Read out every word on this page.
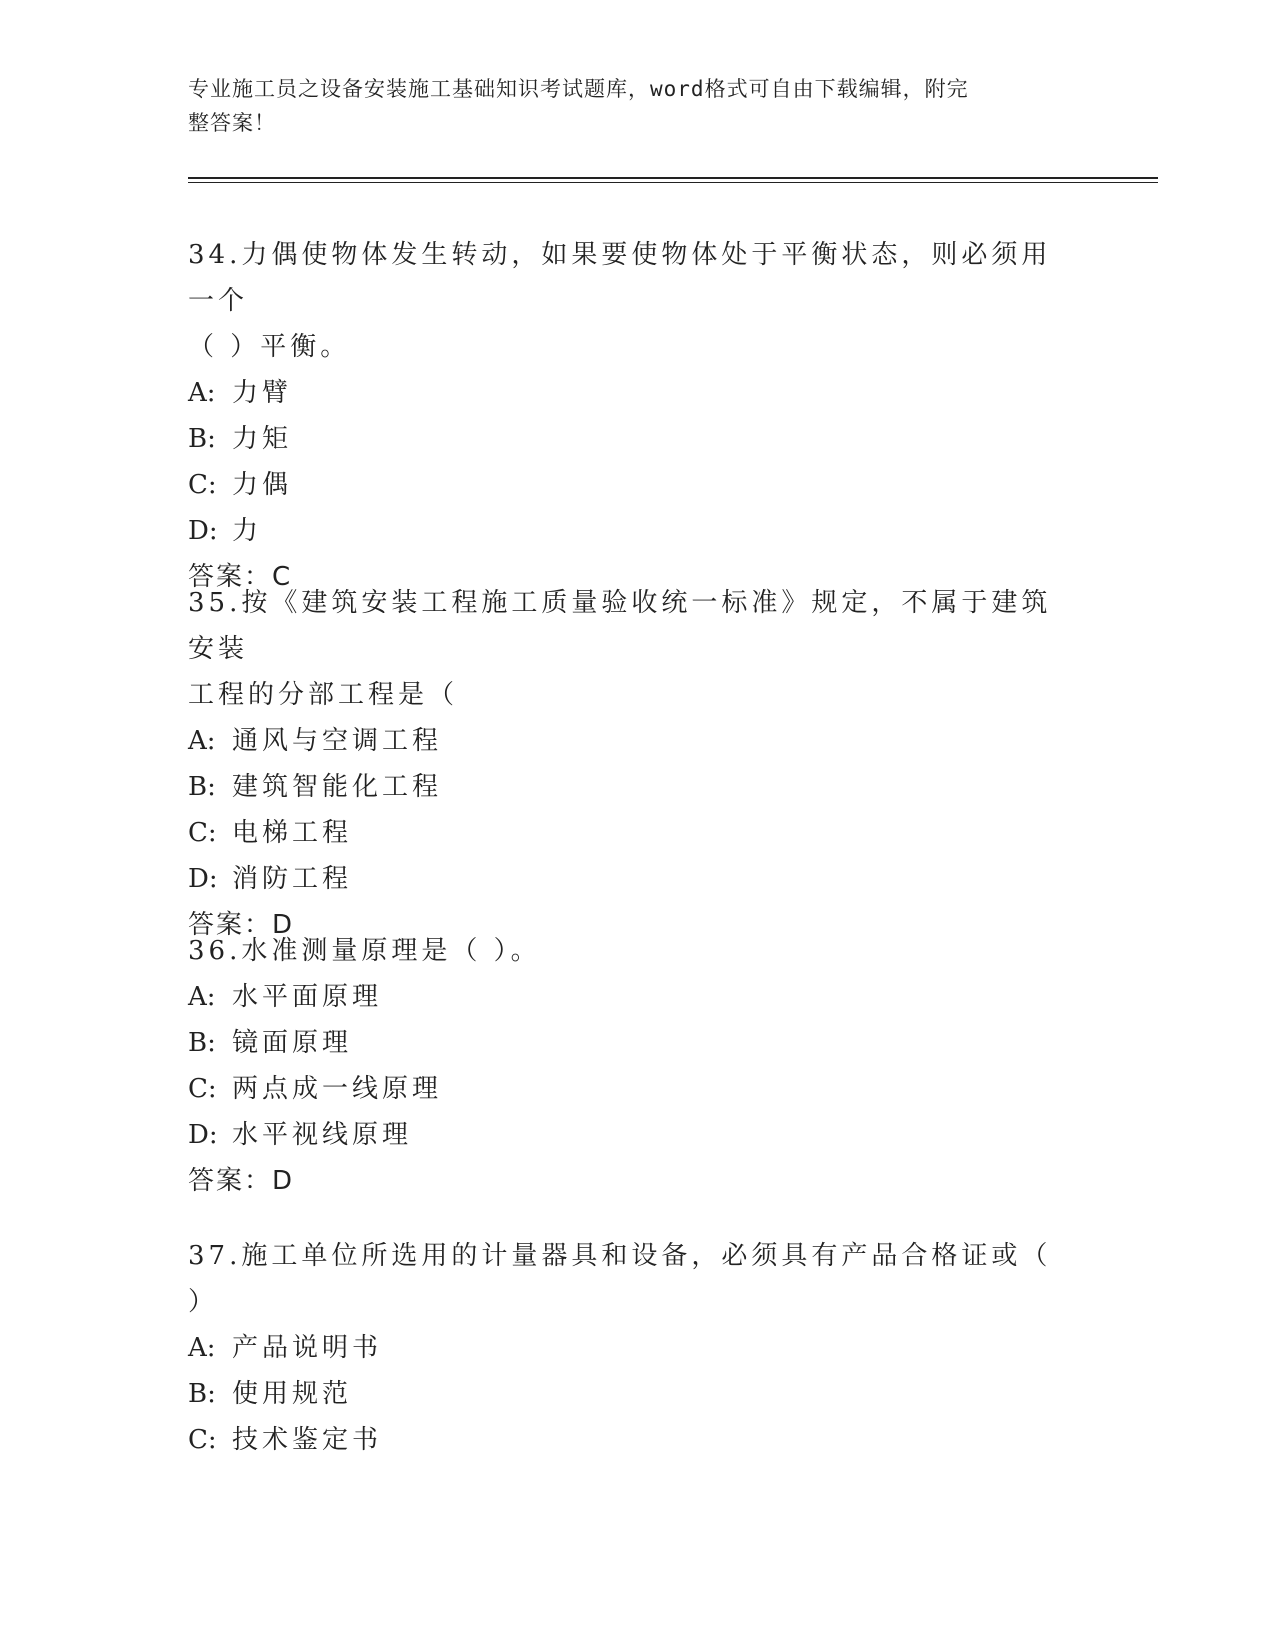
专业施工员之设备安装施工基础知识考试题库，word格式可自由下载编辑，附完
整答案！

34.力偶使物体发生转动，如果要使物体处于平衡状态，则必须用一个

（ ）平衡。

A: 力臂

B: 力矩

C: 力偶

D: 力

答案：C

35.按《建筑安装工程施工质量验收统一标准》规定，不属于建筑安装

工程的分部工程是（

A: 通风与空调工程

B: 建筑智能化工程

C: 电梯工程

D: 消防工程

答案：D

36.水准测量原理是（ ）。

A: 水平面原理

B: 镜面原理

C: 两点成一线原理

D: 水平视线原理

答案：D

37.施工单位所选用的计量器具和设备，必须具有产品合格证或（ ）

A: 产品说明书

B: 使用规范

C: 技术鉴定书
